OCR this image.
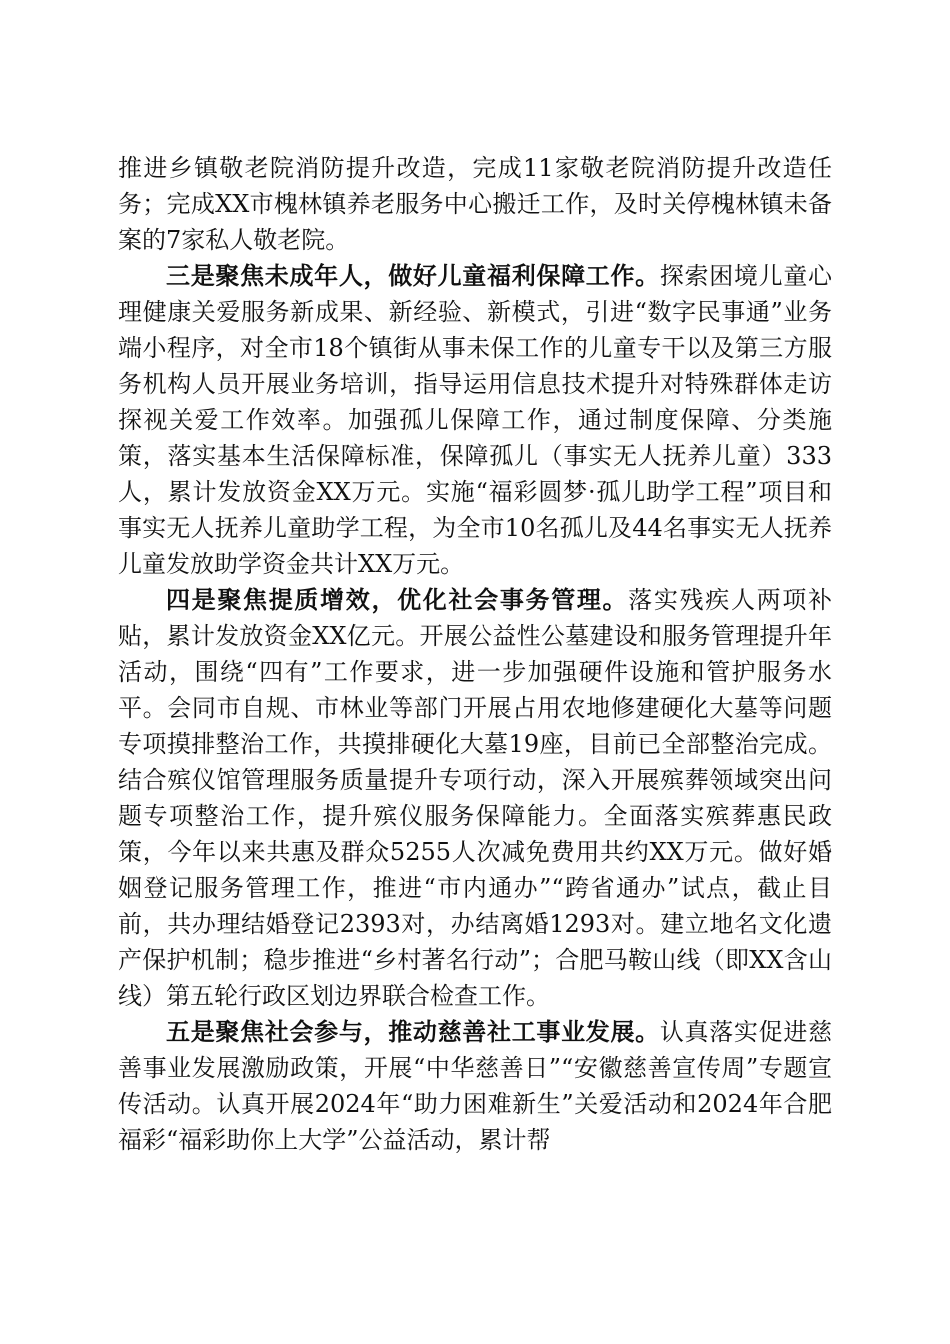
推进乡镇敬老院消防提升改造，完成11家敬老院消防提升改造任务；完成XX市槐林镇养老服务中心搬迁工作，及时关停槐林镇未备案的7家私人敬老院。

三是聚焦未成年人，做好儿童福利保障工作。探索困境儿童心理健康关爱服务新成果、新经验、新模式，引进“数字民事通”业务端小程序，对全市18个镇街从事未保工作的儿童专干以及第三方服务机构人员开展业务培训，指导运用信息技术提升对特殊群体走访探视关爱工作效率。加强孤儿保障工作，通过制度保障、分类施策，落实基本生活保障标准，保障孤儿（事实无人抚养儿童）333人，累计发放资金XX万元。实施“福彩圆梦·孤儿助学工程”项目和事实无人抚养儿童助学工程，为全市10名孤儿及44名事实无人抚养儿童发放助学资金共计XX万元。

四是聚焦提质增效，优化社会事务管理。落实残疾人两项补贴，累计发放资金XX亿元。开展公益性公墓建设和服务管理提升年活动，围绕“四有”工作要求，进一步加强硬件设施和管护服务水平。会同市自规、市林业等部门开展占用农地修建硬化大墓等问题专项摸排整治工作，共摸排硬化大墓19座，目前已全部整治完成。结合殡仪馆管理服务质量提升专项行动，深入开展殡葬领域突出问题专项整治工作，提升殡仪服务保障能力。全面落实殡葬惠民政策，今年以来共惠及群众5255人次减免费用共约XX万元。做好婚姻登记服务管理工作，推进“市内通办”“跨省通办”试点，截止目前，共办理结婚登记2393对，办结离婚1293对。建立地名文化遗产保护机制；稳步推进“乡村著名行动”；合肥马鞍山线（即XX含山线）第五轮行政区划边界联合检查工作。

五是聚焦社会参与，推动慈善社工事业发展。认真落实促进慈善事业发展激励政策，开展“中华慈善日”“安徽慈善宣传周”专题宣传活动。认真开展2024年“助力困难新生”关爱活动和2024年合肥福彩“福彩助你上大学”公益活动，累计帮
